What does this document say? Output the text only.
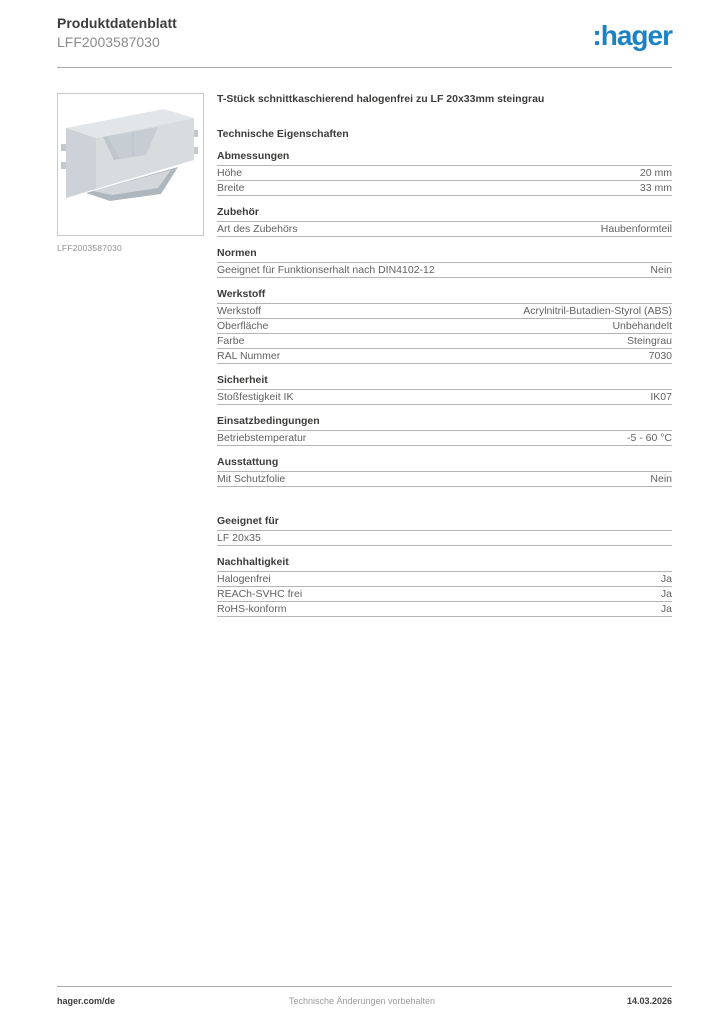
Produktdatenblatt
LFF2003587030	:hager
LFF2003587030
T-Stück schnittkaschierend halogenfrei zu LF 20x33mm steingrau
Technische Eigenschaften
Abmessungen
Höhe	20 mm
Breite	33 mm
Zubehör
Art des Zubehörs	Haubenformteil
Normen
Geeignet für Funktionserhalt nach DIN4102-12	Nein
Werkstoff
Werkstoff	Acrylnitril-Butadien-Styrol (ABS)
Oberfläche	Unbehandelt
Farbe	Steingrau
RAL Nummer	7030
Sicherheit
Stoßfestigkeit IK	IK07
Einsatzbedingungen
Betriebstemperatur	-5 - 60 °C
Ausstattung
Mit Schutzfolie	Nein
Geeignet für
LF 20x35
Nachhaltigkeit
Halogenfrei	Ja
REACh-SVHC frei	Ja
RoHS-konform	Ja
hager.com/de	Technische Änderungen vorbehalten	14.03.2026
